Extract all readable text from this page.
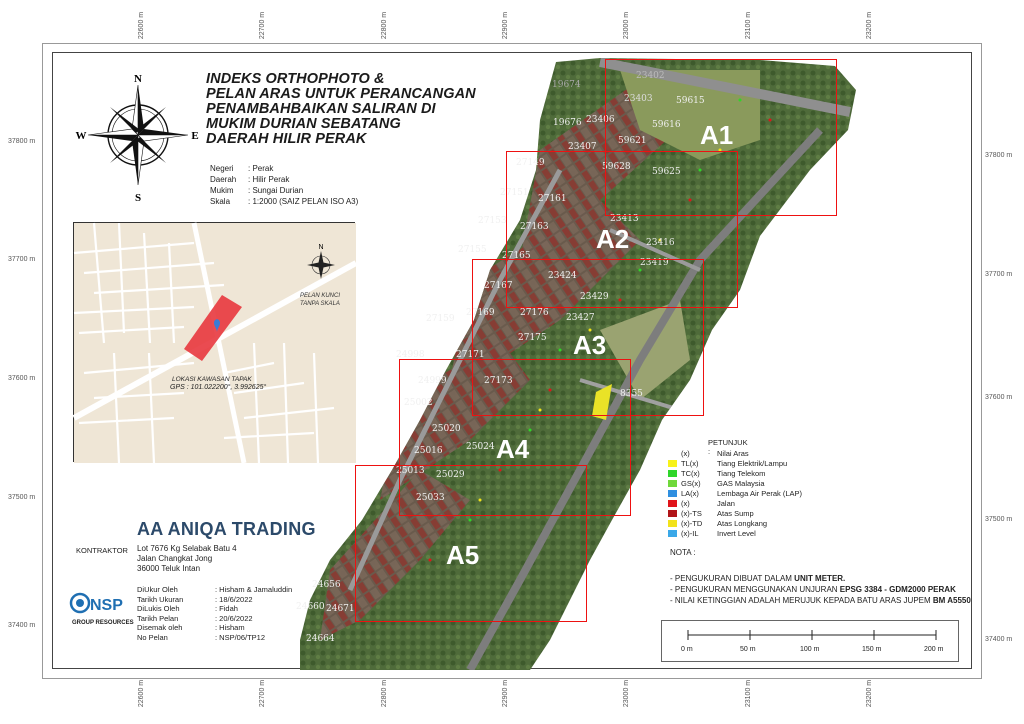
22600 m	22700 m	22800 m	22900 m	23000 m	23100 m	23200 m
22600 m	22700 m	22800 m	22900 m	23000 m	23100 m	23200 m
37800 m
37700 m
37600 m
37500 m
37400 m
37800 m
37700 m
37600 m
37500 m
37400 m
19674
23402
23403	59615
19676 23406	59616
59621
23407
59628 59625
27149
27151
27161
27163
23413
27153
23416
27155
27165
23424
27167
23429
27169	27176 23427
27159
27175
24998	27171
27173
24999
25002
8355
25020
25016	25024
25013 25029
25033
24656
24660 24671
24664
23419
A1
A2
A3
A4
A5
N
S
W	E
INDEKS ORTHOPHOTO &
PELAN ARAS UNTUK PERANCANGAN
PENAMBAHBAIKAN SALIRAN DI
MUKIM DURIAN SEBATANG
DAERAH HILIR PERAK
Negeri	: Perak
Daerah	: Hilir Perak
Mukim	: Sungai Durian
Skala	: 1:2000 (SAIZ PELAN ISO A3)
N
PELAN KUNCI
TANPA SKALA
LOKASI KAWASAN TAPAK
GPS : 101.022200°, 3.992625°
PETUNJUK :
(x)	Nilai Aras
TL(x)	Tiang Elektrik/Lampu
TC(x)	Tiang Telekom
GS(x)	GAS Malaysia
LA(x)	Lembaga Air Perak (LAP)
(x)	Jalan
(x)-TS	Atas Sump
(x)-TD	Atas Longkang
(x)-IL	Invert Level
NOTA :
- PENGUKURAN DIBUAT DALAM UNIT METER.
- PENGUKURAN MENGGUNAKAN UNJURAN EPSG 3384 - GDM2000 PERAK
- NILAI KETINGGIAN ADALAH MERUJUK KEPADA BATU ARAS JUPEM BM A5550
0 m	50 m	100 m	150 m	200 m
AA ANIQA TRADING
KONTRAKTOR Lot 7676 Kg Selabak Batu 4
Jalan Changkat Jong
36000 Teluk Intan
NSP
GROUP RESOURCES
DiUkur Oleh	: Hisham & Jamaluddin
Tarikh Ukuran	: 18/6/2022
DiLukis Oleh	: Fidah
Tarikh Pelan	: 20/6/2022
Disemak oleh	: Hisham
No Pelan	: NSP/06/TP12
